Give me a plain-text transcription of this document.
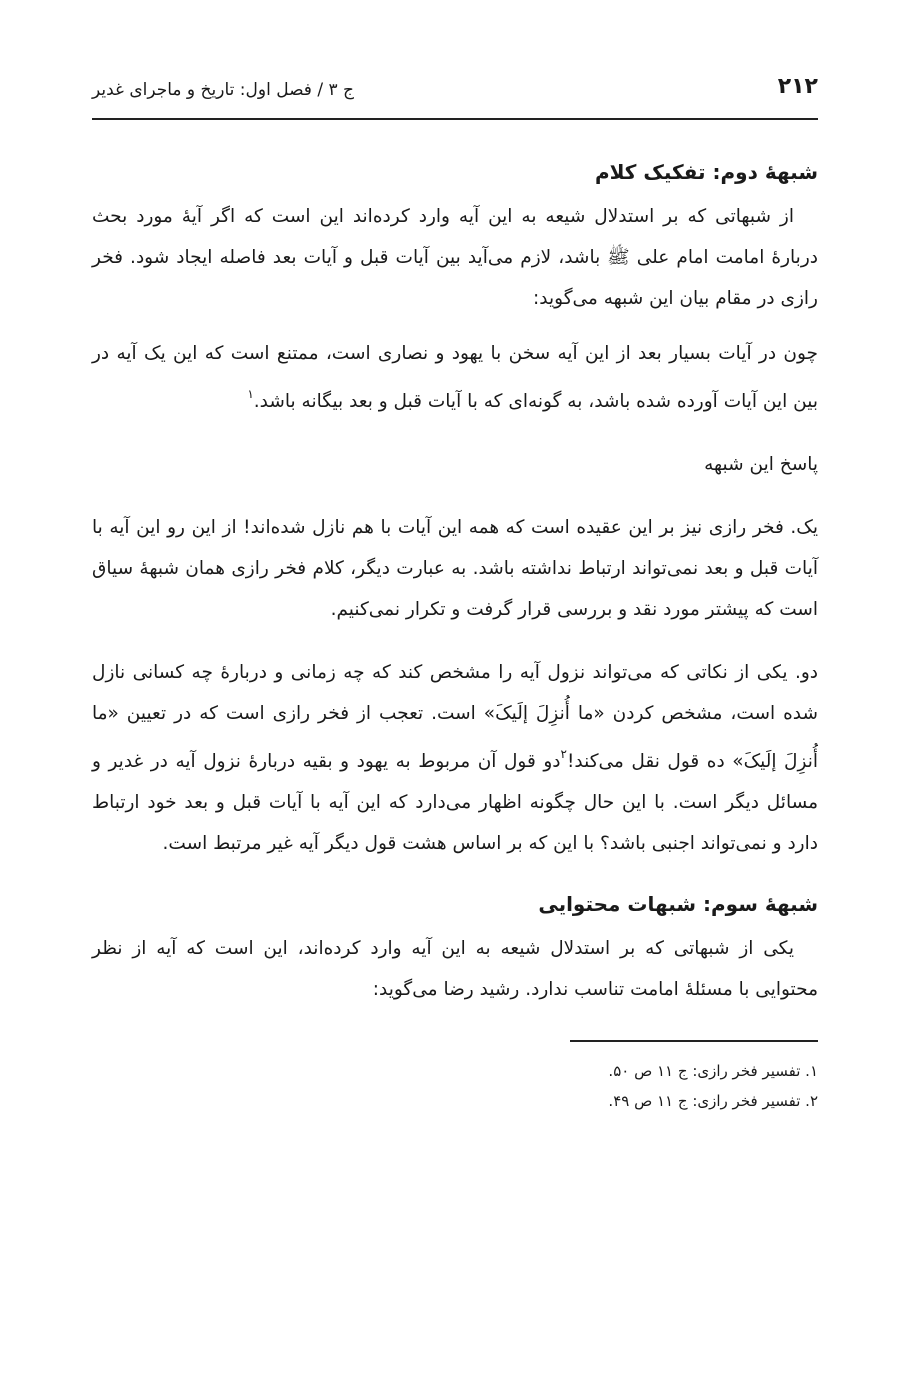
۲۱۲
ج ۳ / فصل اول: تاریخ و ماجرای غدیر
شبهۀ دوم: تفکیک کلام

از شبهاتی که بر استدلال شیعه به این آیه وارد کرده‌اند این است که اگر آیۀ مورد بحث دربارۀ امامت امام علی ﷺ باشد، لازم می‌آید بین آیات قبل و آیات بعد فاصله ایجاد شود. فخر رازی در مقام بیان این شبهه می‌گوید:

چون در آیات بسیار بعد از این آیه سخن با یهود و نصاری است، ممتنع است که این یک آیه در بین این آیات آورده شده باشد، به گونه‌ای که با آیات قبل و بعد بیگانه باشد.$^۱$

پاسخ این شبهه

یک. فخر رازی نیز بر این عقیده است که همه این آیات با هم نازل شده‌اند! از این رو این آیه با آیات قبل و بعد نمی‌تواند ارتباط نداشته باشد. به عبارت دیگر، کلام فخر رازی همان شبهۀ سیاق است که پیشتر مورد نقد و بررسی قرار گرفت و تکرار نمی‌کنیم.

دو. یکی از نکاتی که می‌تواند نزول آیه را مشخص کند که چه زمانی و دربارۀ چه کسانی نازل شده است، مشخص کردن «ما أُنزِلَ إلَیکَ» است. تعجب از فخر رازی است که در تعیین «ما أُنزِلَ إلَیکَ» ده قول نقل می‌کند!$^۲$دو قول آن مربوط به یهود و بقیه دربارۀ نزول آیه در غدیر و مسائل دیگر است. با این حال چگونه اظهار می‌دارد که این آیه با آیات قبل و بعد خود ارتباط دارد و نمی‌تواند اجنبی باشد؟ با این که بر اساس هشت قول دیگر آیه غیر مرتبط است.

شبهۀ سوم: شبهات محتوایی

یکی از شبهاتی که بر استدلال شیعه به این آیه وارد کرده‌اند، این است که آیه از نظر محتوایی با مسئلۀ امامت تناسب ندارد. رشید رضا می‌گوید:

۱. تفسیر فخر رازی: ج ۱۱ ص ۵۰.

۲. تفسیر فخر رازی: ج ۱۱ ص ۴۹.
